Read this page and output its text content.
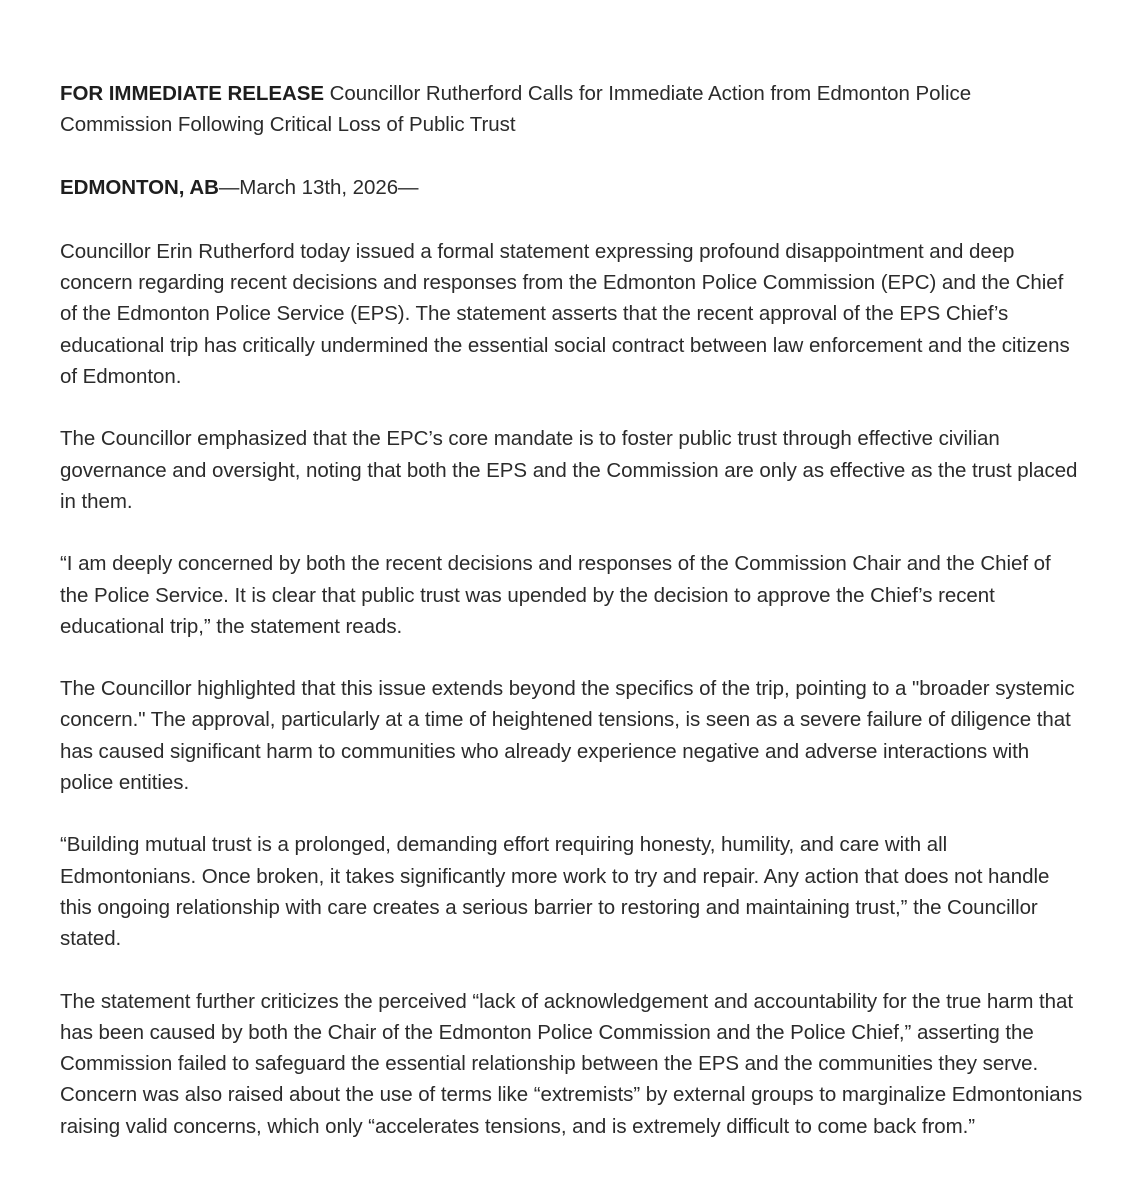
FOR IMMEDIATE RELEASE Councillor Rutherford Calls for Immediate Action from Edmonton Police Commission Following Critical Loss of Public Trust

EDMONTON, AB—March 13th, 2026—

Councillor Erin Rutherford today issued a formal statement expressing profound disappointment and deep concern regarding recent decisions and responses from the Edmonton Police Commission (EPC) and the Chief of the Edmonton Police Service (EPS). The statement asserts that the recent approval of the EPS Chief’s educational trip has critically undermined the essential social contract between law enforcement and the citizens of Edmonton.

The Councillor emphasized that the EPC’s core mandate is to foster public trust through effective civilian governance and oversight, noting that both the EPS and the Commission are only as effective as the trust placed in them.

“I am deeply concerned by both the recent decisions and responses of the Commission Chair and the Chief of the Police Service. It is clear that public trust was upended by the decision to approve the Chief’s recent educational trip,” the statement reads.

The Councillor highlighted that this issue extends beyond the specifics of the trip, pointing to a "broader systemic concern." The approval, particularly at a time of heightened tensions, is seen as a severe failure of diligence that has caused significant harm to communities who already experience negative and adverse interactions with police entities.

“Building mutual trust is a prolonged, demanding effort requiring honesty, humility, and care with all Edmontonians. Once broken, it takes significantly more work to try and repair. Any action that does not handle this ongoing relationship with care creates a serious barrier to restoring and maintaining trust,” the Councillor stated.

The statement further criticizes the perceived “lack of acknowledgement and accountability for the true harm that has been caused by both the Chair of the Edmonton Police Commission and the Police Chief,” asserting the Commission failed to safeguard the essential relationship between the EPS and the communities they serve. Concern was also raised about the use of terms like “extremists” by external groups to marginalize Edmontonians raising valid concerns, which only “accelerates tensions, and is extremely difficult to come back from.”
